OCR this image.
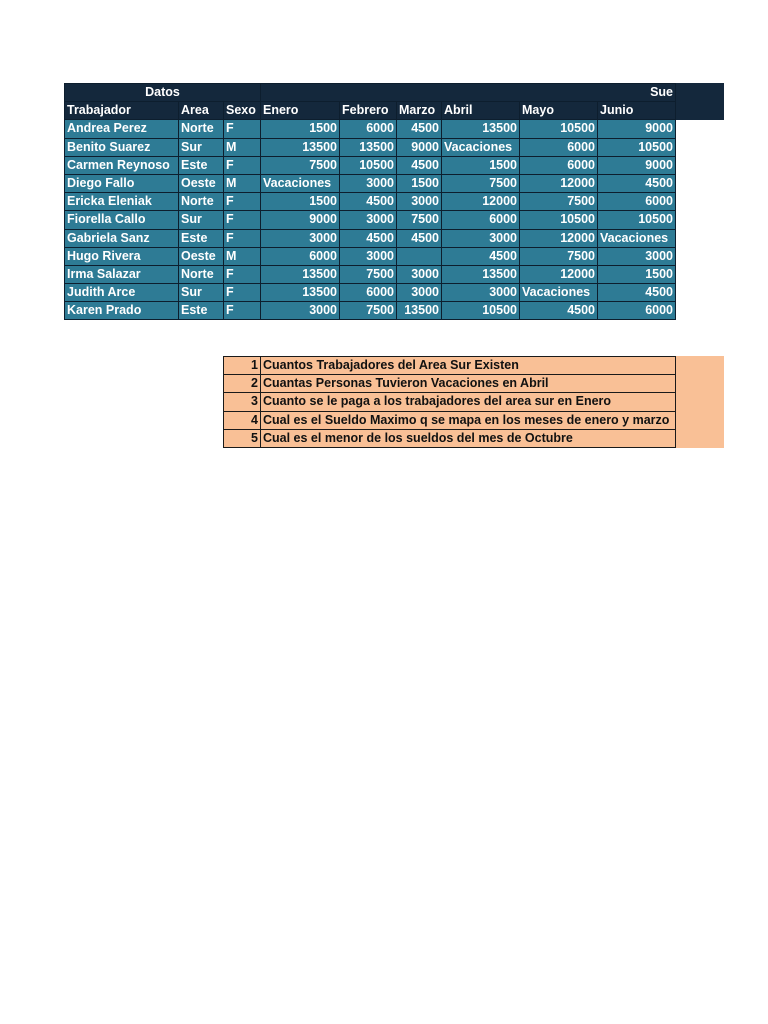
Datos			Sue					
Trabajador	Area	Sexo	Enero	Febrero	Marzo	Abril	Mayo	Junio
Andrea Perez	Norte	F	1500	6000	4500	13500	10500	9000
Benito Suarez	Sur	M	13500	13500	9000	Vacaciones	6000	10500
Carmen Reynoso	Este	F	7500	10500	4500	1500	6000	9000
Diego Fallo	Oeste	M	Vacaciones	3000	1500	7500	12000	4500
Ericka Eleniak	Norte	F	1500	4500	3000	12000	7500	6000
Fiorella Callo	Sur	F	9000	3000	7500	6000	10500	10500
Gabriela Sanz	Este	F	3000	4500	4500	3000	12000	Vacaciones
Hugo Rivera	Oeste	M	6000	3000		4500	7500	3000
Irma Salazar	Norte	F	13500	7500	3000	13500	12000	1500
Judith Arce	Sur	F	13500	6000	3000	3000	Vacaciones	4500
Karen Prado	Este	F	3000	7500	13500	10500	4500	6000
1	Cuantos Trabajadores del Area Sur Existen
2	Cuantas Personas Tuvieron Vacaciones en Abril
3	Cuanto se le paga a los trabajadores del area sur en Enero
4	Cual es el Sueldo Maximo q se mapa en los meses de enero y marzo
5	Cual es el menor de los sueldos del mes de Octubre
